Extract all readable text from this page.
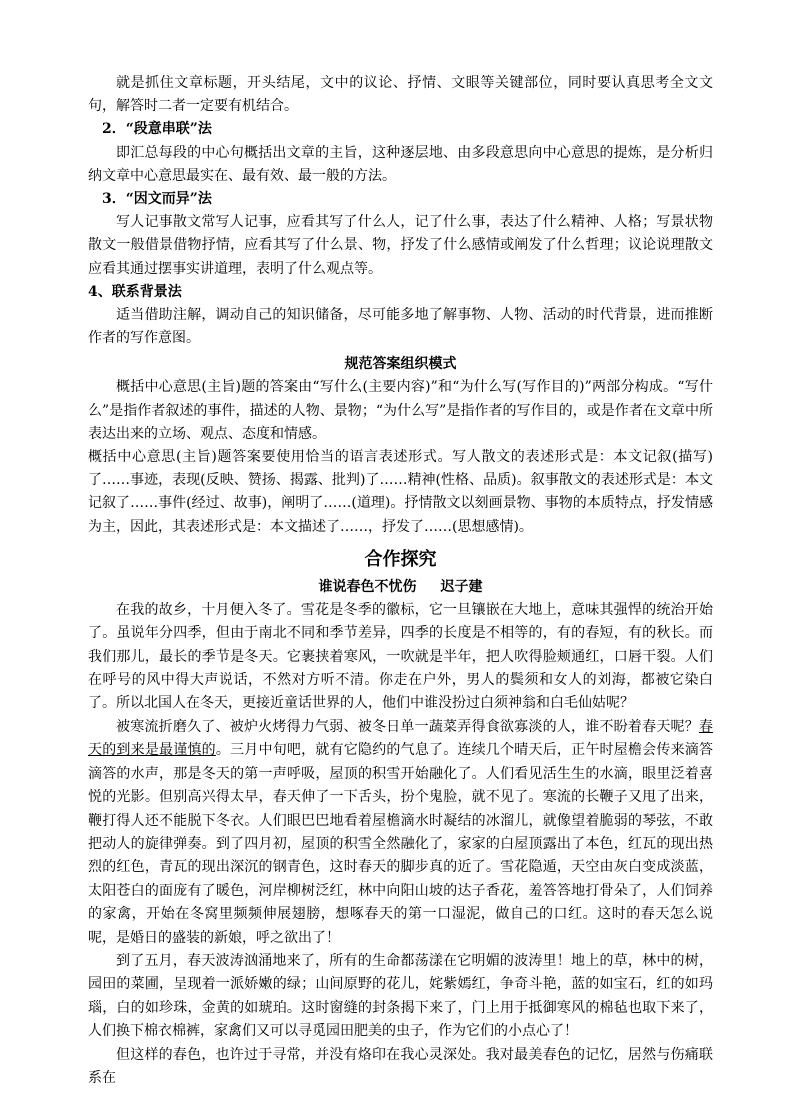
就是抓住文章标题，开头结尾，文中的议论、抒情、文眼等关键部位，同时要认真思考全文文句，解答时二者一定要有机结合。

2．“段意串联”法

即汇总每段的中心句概括出文章的主旨，这种逐层地、由多段意思向中心意思的提炼，是分析归纳文章中心意思最实在、最有效、最一般的方法。

3．“因文而异”法

写人记事散文常写人记事，应看其写了什么人，记了什么事，表达了什么精神、人格；写景状物散文一般借景借物抒情，应看其写了什么景、物，抒发了什么感情或阐发了什么哲理；议论说理散文应看其通过摆事实讲道理，表明了什么观点等。

4、联系背景法

适当借助注解，调动自己的知识储备，尽可能多地了解事物、人物、活动的时代背景，进而推断作者的写作意图。

规范答案组织模式

概括中心意思(主旨)题的答案由“写什么(主要内容)”和“为什么写(写作目的)”两部分构成。“写什么”是指作者叙述的事件，描述的人物、景物；“为什么写”是指作者的写作目的，或是作者在文章中所表达出来的立场、观点、态度和情感。

概括中心意思(主旨)题答案要使用恰当的语言表述形式。写人散文的表述形式是：本文记叙(描写)了……事迹，表现(反映、赞扬、揭露、批判)了……精神(性格、品质)。叙事散文的表述形式是：本文记叙了……事件(经过、故事)，阐明了……(道理)。抒情散文以刻画景物、事物的本质特点，抒发情感为主，因此，其表述形式是：本文描述了……，抒发了……(思想感情)。

合作探究

谁说春色不忧伤 迟子建

在我的故乡，十月便入冬了。雪花是冬季的徽标，它一旦镶嵌在大地上，意味其强悍的统治开始了。虽说年分四季，但由于南北不同和季节差异，四季的长度是不相等的，有的春短，有的秋长。而我们那儿，最长的季节是冬天。它裹挟着寒风，一吹就是半年，把人吹得脸颊通红，口唇干裂。人们在呼号的风中得大声说话，不然对方听不清。你走在户外，男人的鬓须和女人的刘海，都被它染白了。所以北国人在冬天，更接近童话世界的人，他们中谁没扮过白须神翁和白毛仙姑呢？

被寒流折磨久了、被炉火烤得力气弱、被冬日单一蔬菜弄得食欲寡淡的人，谁不盼着春天呢？春天的到来是最谨慎的。三月中旬吧，就有它隐约的气息了。连续几个晴天后，正午时屋檐会传来滴答滴答的水声，那是冬天的第一声呼吸，屋顶的积雪开始融化了。人们看见活生生的水滴，眼里泛着喜悦的光影。但别高兴得太早，春天伸了一下舌头，扮个鬼脸，就不见了。寒流的长鞭子又甩了出来，鞭打得人还不能脱下冬衣。人们眼巴巴地看着屋檐滴水时凝结的冰溜儿，就像望着脆弱的琴弦，不敢把动人的旋律弹奏。到了四月初，屋顶的积雪全然融化了，家家的白屋顶露出了本色，红瓦的现出热烈的红色，青瓦的现出深沉的钢青色，这时春天的脚步真的近了。雪花隐遁，天空由灰白变成淡蓝，太阳苍白的面庞有了暖色，河岸柳树泛红，林中向阳山坡的达子香花，羞答答地打骨朵了，人们饲养的家禽，开始在冬窝里频频伸展翅膀，想啄春天的第一口湿泥，做自己的口红。这时的春天怎么说呢，是婚日的盛装的新娘，呼之欲出了！

到了五月，春天波涛汹涌地来了，所有的生命都荡漾在它明媚的波涛里！地上的草，林中的树，园田的菜圃，呈现着一派娇嫩的绿；山间原野的花儿，姹紫嫣红，争奇斗艳，蓝的如宝石，红的如玛瑙，白的如珍珠，金黄的如琥珀。这时窗缝的封条揭下来了，门上用于抵御寒风的棉毡也取下来了，人们换下棉衣棉裤，家禽们又可以寻觅园田肥美的虫子，作为它们的小点心了！

但这样的春色，也许过于寻常，并没有烙印在我心灵深处。我对最美春色的记忆，居然与伤痛联系在
